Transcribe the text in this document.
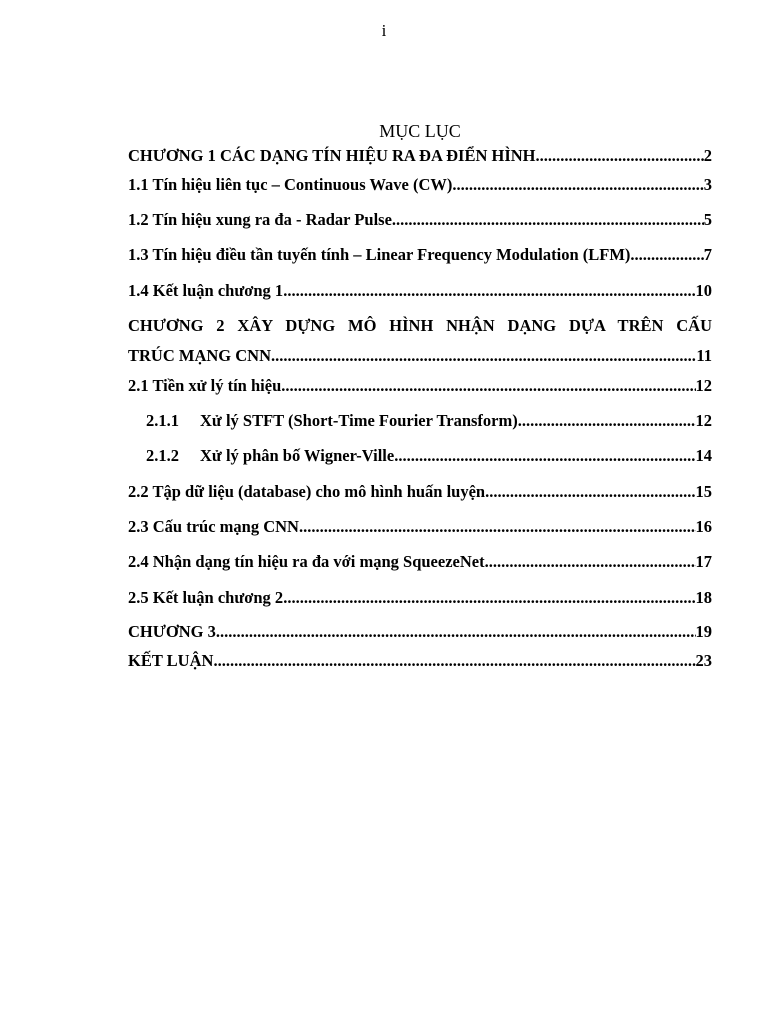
i
MỤC LỤC
CHƯƠNG 1 CÁC DẠNG TÍN HIỆU RA ĐA ĐIỂN HÌNH .....	2
1.1 Tín hiệu liên tục – Continuous Wave (CW) .....	3
1.2 Tín hiệu xung ra đa - Radar Pulse .....	5
1.3 Tín hiệu điều tần tuyến tính – Linear Frequency Modulation (LFM) .....	7
1.4 Kết luận chương 1 .....	10
CHƯƠNG 2 XÂY DỰNG MÔ HÌNH NHẬN DẠNG DỰA TRÊN CẤU
TRÚC MẠNG CNN .....	11
2.1 Tiền xử lý tín hiệu .....	12
2.1.1 Xử lý STFT (Short-Time Fourier Transform) .....	12
2.1.2 Xử lý phân bố Wigner-Ville .....	14
2.2 Tập dữ liệu (database) cho mô hình huấn luyện .....	15
2.3 Cấu trúc mạng CNN .....	16
2.4 Nhận dạng tín hiệu ra đa với mạng SqueezeNet .....	17
2.5 Kết luận chương 2 .....	18
CHƯƠNG 3 .....	19
KẾT LUẬN .....	23
